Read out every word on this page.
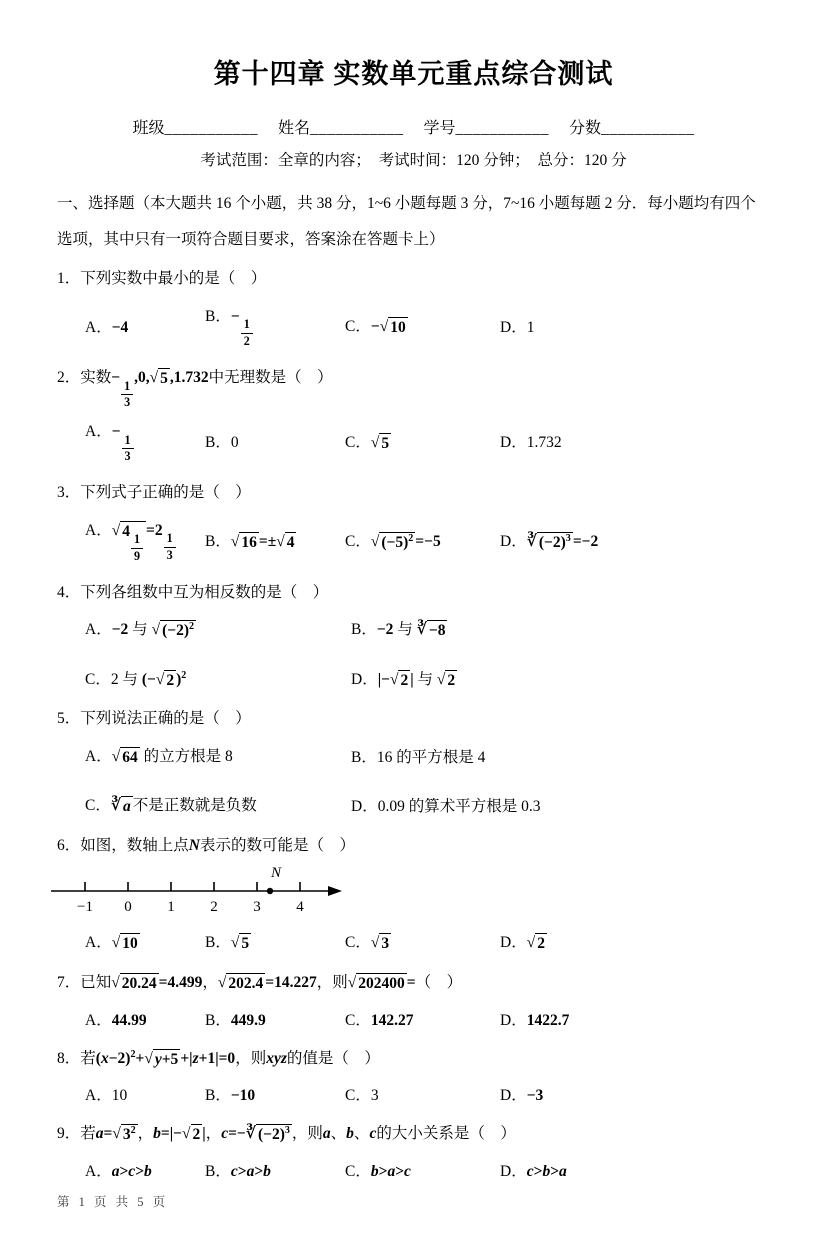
第十四章 实数单元重点综合测试
班级___________ 姓名___________ 学号___________ 分数___________
考试范围：全章的内容；　考试时间：120 分钟；　总分：120 分

一、选择题（本大题共 16 个小题，共 38 分，1~6 小题每题 3 分，7~16 小题每题 2 分．每小题均有四个选项，其中只有一项符合题目要求，答案涂在答题卡上）

1．下列实数中最小的是（　）
A．−4
B．−
$\frac{1}{2}$	C．− √ 10	D．1
2．实数−
$\frac{1}{3}$
,0, √ 5 ,1.732中无理数是（　）
A．−
$\frac{1}{3}$	B．0	C． √ 5	D．1.732
3．下列式子正确的是（　）
A． √ 4
$\frac{1}{9}$
=2
$\frac{1}{3}$ B． √ 16 =± √ 4	C． √ $(-5)^2 =-5$	D． ∛ $(-2)^3 =-2$
4．下列各组数中互为相反数的是（　）
A．−2 与 √ $(-2)^2$	B．−2 与 ∛ −8
C．2 与 (− √ 2 )$^2$	D．|− √ 2 | 与 √ 2
5．下列说法正确的是（　）
A． √ 64 的立方根是 8	B．16 的平方根是 4
C． ∛ a 不是正数就是负数	D．0.09 的算术平方根是 0.3
6．如图，数轴上点N表示的数可能是（　）
−1 0 1 2 3 4
N
A． √ 10	B． √ 5	C． √ 3	D． √ 2
7．已知 √ 20.24 =4.499， √ 202.4 =14.227，则 √ 202400 =（　）
A．44.99	B．449.9	C．142.27	D．1422.7
8．若$(x-2)^2+$ √ y+5 +|z+1|=0，则xyz的值是（　）
A．10	B．−10	C．3	D．−3
9．若a= √ $3^2$ ，b=|− √ 2 |，c=− ∛ $(-2)^3$ ，则a、b、c的大小关系是（　）
A．a>c>b	B．c>a>b	C．b>a>c	D．c>b>a
第 1 页 共 5 页
